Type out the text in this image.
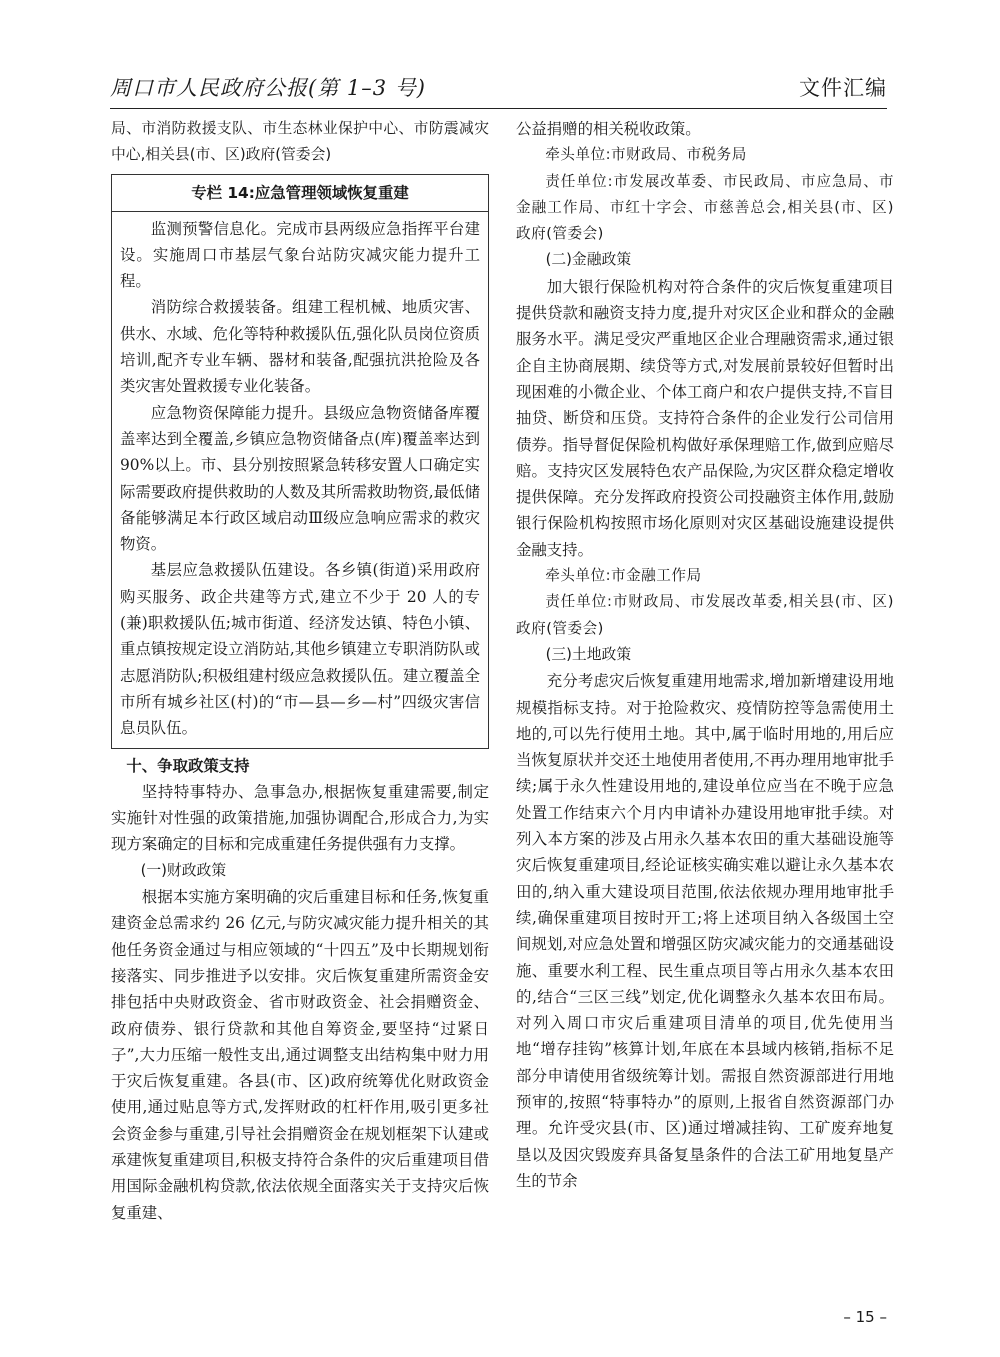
周口市人民政府公报(第 1–3 号)	文件汇编

局、市消防救援支队、市生态林业保护中心、市防震减灾中心,相关县(市、区)政府(管委会)

专栏 14:应急管理领域恢复重建

监测预警信息化。完成市县两级应急指挥平台建设。实施周口市基层气象台站防灾减灾能力提升工程。

消防综合救援装备。组建工程机械、地质灾害、供水、水域、危化等特种救援队伍,强化队员岗位资质培训,配齐专业车辆、器材和装备,配强抗洪抢险及各类灾害处置救援专业化装备。

应急物资保障能力提升。县级应急物资储备库覆盖率达到全覆盖,乡镇应急物资储备点(库)覆盖率达到 90%以上。市、县分别按照紧急转移安置人口确定实际需要政府提供救助的人数及其所需救助物资,最低储备能够满足本行政区域启动Ⅲ级应急响应需求的救灾物资。

基层应急救援队伍建设。各乡镇(街道)采用政府购买服务、政企共建等方式,建立不少于 20 人的专(兼)职救援队伍;城市街道、经济发达镇、特色小镇、重点镇按规定设立消防站,其他乡镇建立专职消防队或志愿消防队;积极组建村级应急救援队伍。建立覆盖全市所有城乡社区(村)的“市—县—乡—村”四级灾害信息员队伍。

十、争取政策支持

坚持特事特办、急事急办,根据恢复重建需要,制定实施针对性强的政策措施,加强协调配合,形成合力,为实现方案确定的目标和完成重建任务提供强有力支撑。

(一)财政政策

根据本实施方案明确的灾后重建目标和任务,恢复重建资金总需求约 26 亿元,与防灾减灾能力提升相关的其他任务资金通过与相应领域的“十四五”及中长期规划衔接落实、同步推进予以安排。灾后恢复重建所需资金安排包括中央财政资金、省市财政资金、社会捐赠资金、政府债券、银行贷款和其他自筹资金,要坚持“过紧日子”,大力压缩一般性支出,通过调整支出结构集中财力用于灾后恢复重建。各县(市、区)政府统筹优化财政资金使用,通过贴息等方式,发挥财政的杠杆作用,吸引更多社会资金参与重建,引导社会捐赠资金在规划框架下认建或承建恢复重建项目,积极支持符合条件的灾后重建项目借用国际金融机构贷款,依法依规全面落实关于支持灾后恢复重建、

公益捐赠的相关税收政策。

牵头单位:市财政局、市税务局

责任单位:市发展改革委、市民政局、市应急局、市金融工作局、市红十字会、市慈善总会,相关县(市、区)政府(管委会)

(二)金融政策

加大银行保险机构对符合条件的灾后恢复重建项目提供贷款和融资支持力度,提升对灾区企业和群众的金融服务水平。满足受灾严重地区企业合理融资需求,通过银企自主协商展期、续贷等方式,对发展前景较好但暂时出现困难的小微企业、个体工商户和农户提供支持,不盲目抽贷、断贷和压贷。支持符合条件的企业发行公司信用债券。指导督促保险机构做好承保理赔工作,做到应赔尽赔。支持灾区发展特色农产品保险,为灾区群众稳定增收提供保障。充分发挥政府投资公司投融资主体作用,鼓励银行保险机构按照市场化原则对灾区基础设施建设提供金融支持。

牵头单位:市金融工作局

责任单位:市财政局、市发展改革委,相关县(市、区)政府(管委会)

(三)土地政策

充分考虑灾后恢复重建用地需求,增加新增建设用地规模指标支持。对于抢险救灾、疫情防控等急需使用土地的,可以先行使用土地。其中,属于临时用地的,用后应当恢复原状并交还土地使用者使用,不再办理用地审批手续;属于永久性建设用地的,建设单位应当在不晚于应急处置工作结束六个月内申请补办建设用地审批手续。对列入本方案的涉及占用永久基本农田的重大基础设施等灾后恢复重建项目,经论证核实确实难以避让永久基本农田的,纳入重大建设项目范围,依法依规办理用地审批手续,确保重建项目按时开工;将上述项目纳入各级国土空间规划,对应急处置和增强区防灾减灾能力的交通基础设施、重要水利工程、民生重点项目等占用永久基本农田的,结合“三区三线”划定,优化调整永久基本农田布局。对列入周口市灾后重建项目清单的项目,优先使用当地“增存挂钩”核算计划,年底在本县域内核销,指标不足部分申请使用省级统筹计划。需报自然资源部进行用地预审的,按照“特事特办”的原则,上报省自然资源部门办理。允许受灾县(市、区)通过增减挂钩、工矿废弃地复垦以及因灾毁废弃具备复垦条件的合法工矿用地复垦产生的节余

– 15 –
